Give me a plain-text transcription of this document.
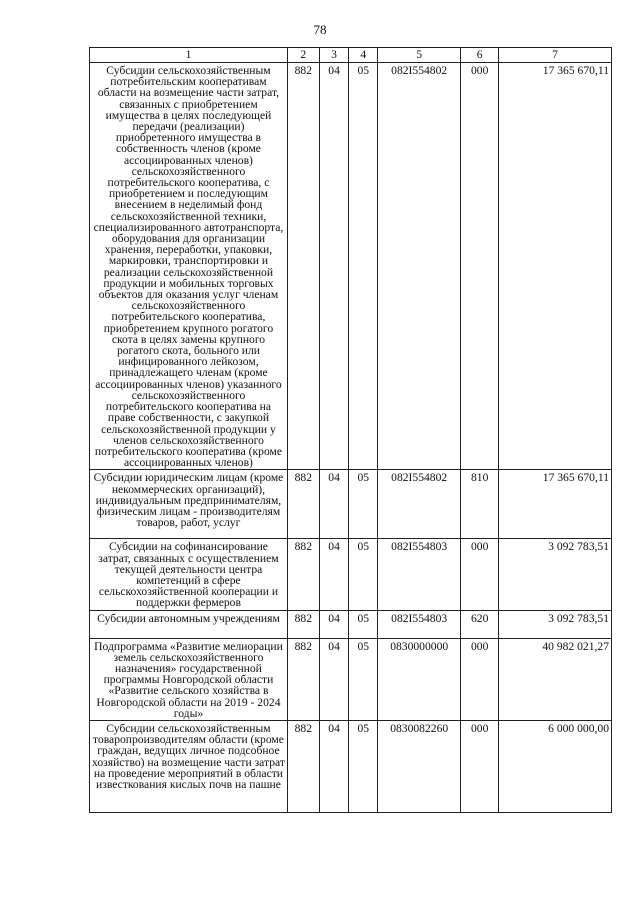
78
1	2	3	4	5	6	7
Субсидии сельскохозяйственным потребительским кооперативам области на возмещение части затрат, связанных с приобретением имущества в целях последующей передачи (реализации) приобретенного имущества в собственность членов (кроме ассоциированных членов) сельскохозяйственного потребительского кооператива, с приобретением и последующим внесением в неделимый фонд сельскохозяйственной техники, специализированного автотранспорта, оборудования для организации хранения, переработки, упаковки, маркировки, транспортировки и реализации сельскохозяйственной продукции и мобильных торговых объектов для оказания услуг членам сельскохозяйственного потребительского кооператива, приобретением крупного рогатого скота в целях замены крупного рогатого скота, больного или инфицированного лейкозом, принадлежащего членам (кроме ассоциированных членов) указанного сельскохозяйственного потребительского кооператива на праве собственности, с закупкой сельскохозяйственной продукции у членов сельскохозяйственного потребительского кооператива (кроме ассоциированных членов)	882	04	05	082I554802	000	17 365 670,11
Субсидии юридическим лицам (кроме некоммерческих организаций), индивидуальным предпринимателям, физическим лицам - производителям товаров, работ, услуг	882	04	05	082I554802	810	17 365 670,11
Субсидии на софинансирование затрат, связанных с осуществлением текущей деятельности центра компетенций в сфере сельскохозяйственной кооперации и поддержки фермеров	882	04	05	082I554803	000	3 092 783,51
Субсидии автономным учреждениям	882	04	05	082I554803	620	3 092 783,51
Подпрограмма «Развитие мелиорации земель сельскохозяйственного назначения» государственной программы Новгородской области «Развитие сельского хозяйства в Новгородской области на 2019 - 2024 годы»	882	04	05	0830000000	000	40 982 021,27
Субсидии сельскохозяйственным товаропроизводителям области (кроме граждан, ведущих личное подсобное хозяйство) на возмещение части затрат на проведение мероприятий в области известкования кислых почв на пашне	882	04	05	0830082260	000	6 000 000,00
